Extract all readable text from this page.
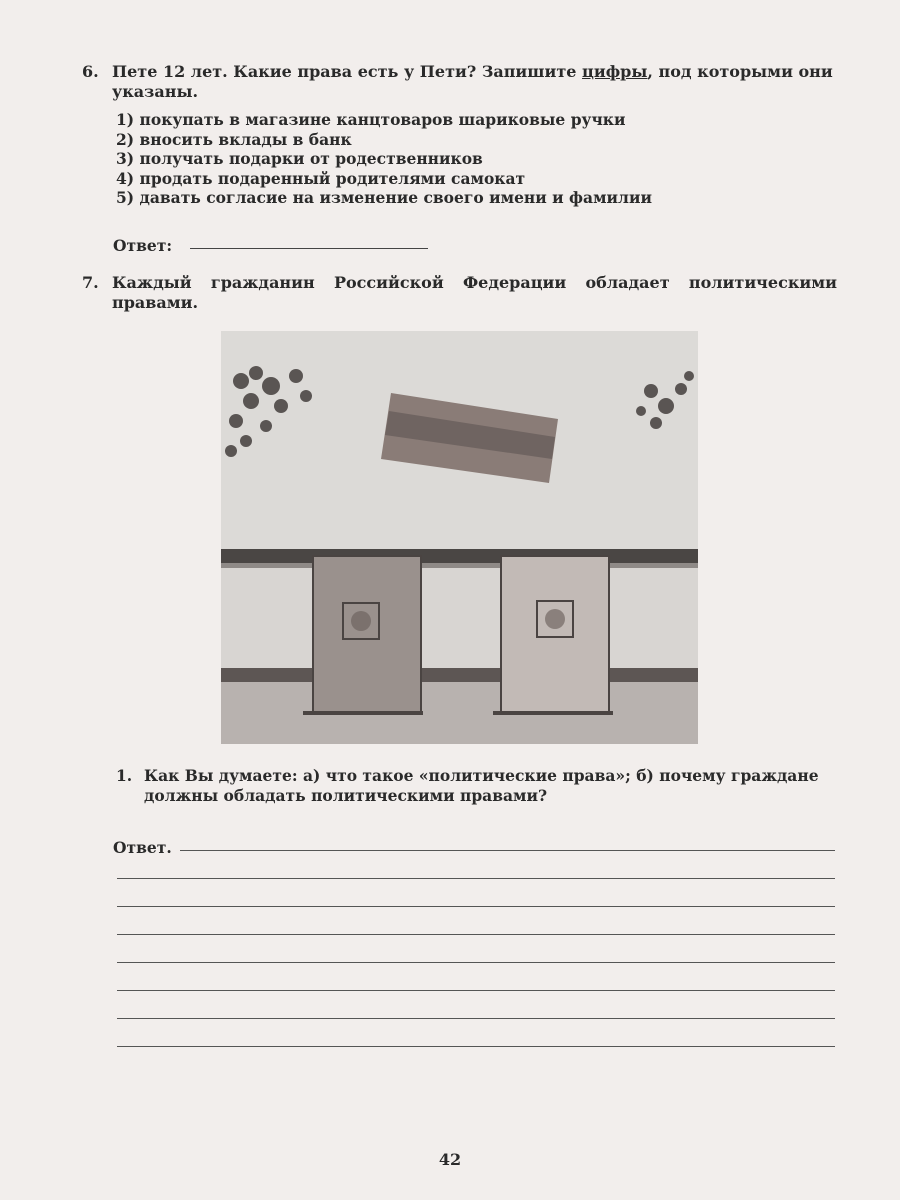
6. Пете 12 лет. Какие права есть у Пети? Запишите цифры, под которыми они указаны.
1) покупать в магазине канцтоваров шариковые ручки
2) вносить вклады в банк
3) получать подарки от родественников
4) продать подаренный родителями самокат
5) давать согласие на изменение своего имени и фамилии
Ответ:
7. Каждый гражданин Российской Федерации обладает политическими правами.
1. Как Вы думаете: а) что такое «политические права»; б) почему граждане должны обладать политическими правами?
Ответ.
42
